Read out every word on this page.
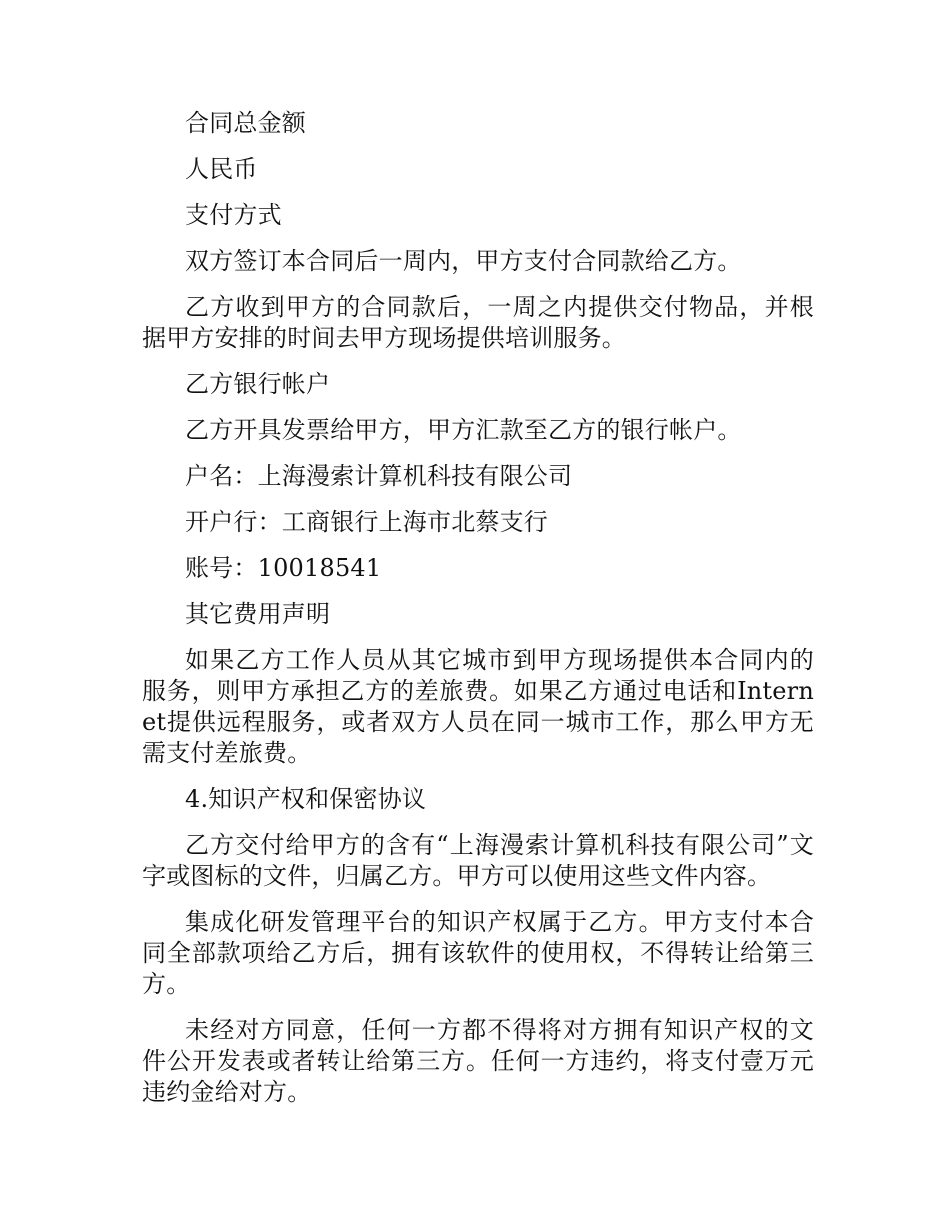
合同总金额

人民币

支付方式

双方签订本合同后一周内，甲方支付合同款给乙方。

乙方收到甲方的合同款后，一周之内提供交付物品，并根据甲方安排的时间去甲方现场提供培训服务。

乙方银行帐户

乙方开具发票给甲方，甲方汇款至乙方的银行帐户。

户名：上海漫索计算机科技有限公司

开户行：工商银行上海市北蔡支行

账号：10018541

其它费用声明

如果乙方工作人员从其它城市到甲方现场提供本合同内的服务，则甲方承担乙方的差旅费。如果乙方通过电话和Internet提供远程服务，或者双方人员在同一城市工作，那么甲方无需支付差旅费。

4.知识产权和保密协议

乙方交付给甲方的含有“上海漫索计算机科技有限公司”文字或图标的文件，归属乙方。甲方可以使用这些文件内容。

集成化研发管理平台的知识产权属于乙方。甲方支付本合同全部款项给乙方后，拥有该软件的使用权，不得转让给第三方。

未经对方同意，任何一方都不得将对方拥有知识产权的文件公开发表或者转让给第三方。任何一方违约，将支付壹万元违约金给对方。
